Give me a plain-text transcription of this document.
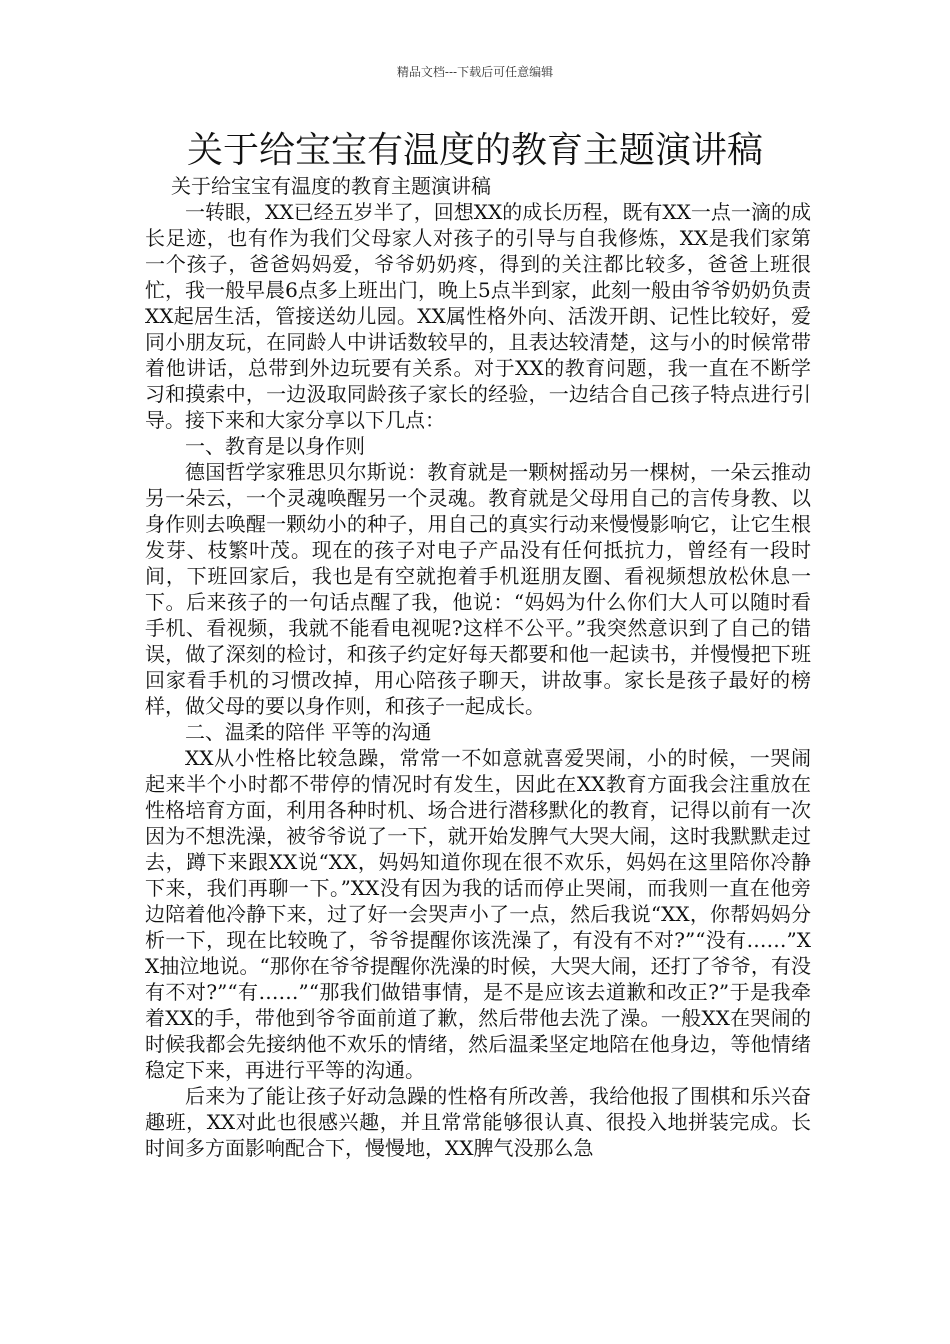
精品文档---下载后可任意编辑
关于给宝宝有温度的教育主题演讲稿

关于给宝宝有温度的教育主题演讲稿

一转眼，XX已经五岁半了，回想XX的成长历程，既有XX一点一滴的成长足迹，也有作为我们父母家人对孩子的引导与自我修炼，XX是我们家第一个孩子，爸爸妈妈爱，爷爷奶奶疼，得到的关注都比较多，爸爸上班很忙，我一般早晨6点多上班出门，晚上5点半到家，此刻一般由爷爷奶奶负责XX起居生活，管接送幼儿园。XX属性格外向、活泼开朗、记性比较好，爱同小朋友玩，在同龄人中讲话数较早的，且表达较清楚，这与小的时候常带着他讲话，总带到外边玩要有关系。对于XX的教育问题，我一直在不断学习和摸索中，一边汲取同龄孩子家长的经验，一边结合自己孩子特点进行引导。接下来和大家分享以下几点：

一、教育是以身作则

德国哲学家雅思贝尔斯说：教育就是一颗树摇动另一棵树，一朵云推动另一朵云，一个灵魂唤醒另一个灵魂。教育就是父母用自己的言传身教、以身作则去唤醒一颗幼小的种子，用自己的真实行动来慢慢影响它，让它生根发芽、枝繁叶茂。现在的孩子对电子产品没有任何抵抗力，曾经有一段时间，下班回家后，我也是有空就抱着手机逛朋友圈、看视频想放松休息一下。后来孩子的一句话点醒了我，他说：“妈妈为什么你们大人可以随时看手机、看视频，我就不能看电视呢?这样不公平。”我突然意识到了自己的错误，做了深刻的检讨，和孩子约定好每天都要和他一起读书，并慢慢把下班回家看手机的习惯改掉，用心陪孩子聊天，讲故事。家长是孩子最好的榜样，做父母的要以身作则，和孩子一起成长。

二、温柔的陪伴 平等的沟通

XX从小性格比较急躁，常常一不如意就喜爱哭闹，小的时候，一哭闹起来半个小时都不带停的情况时有发生，因此在XX教育方面我会注重放在性格培育方面，利用各种时机、场合进行潜移默化的教育，记得以前有一次因为不想洗澡，被爷爷说了一下，就开始发脾气大哭大闹，这时我默默走过去，蹲下来跟XX说“XX，妈妈知道你现在很不欢乐，妈妈在这里陪你冷静下来，我们再聊一下。”XX没有因为我的话而停止哭闹，而我则一直在他旁边陪着他冷静下来，过了好一会哭声小了一点，然后我说“XX，你帮妈妈分析一下，现在比较晚了，爷爷提醒你该洗澡了，有没有不对?”“没有……”XX抽泣地说。“那你在爷爷提醒你洗澡的时候，大哭大闹，还打了爷爷，有没有不对?”“有……”“那我们做错事情，是不是应该去道歉和改正?”于是我牵着XX的手，带他到爷爷面前道了歉，然后带他去洗了澡。一般XX在哭闹的时候我都会先接纳他不欢乐的情绪，然后温柔坚定地陪在他身边，等他情绪稳定下来，再进行平等的沟通。

后来为了能让孩子好动急躁的性格有所改善，我给他报了围棋和乐兴奋趣班，XX对此也很感兴趣，并且常常能够很认真、很投入地拼装完成。长时间多方面影响配合下，慢慢地，XX脾气没那么急
